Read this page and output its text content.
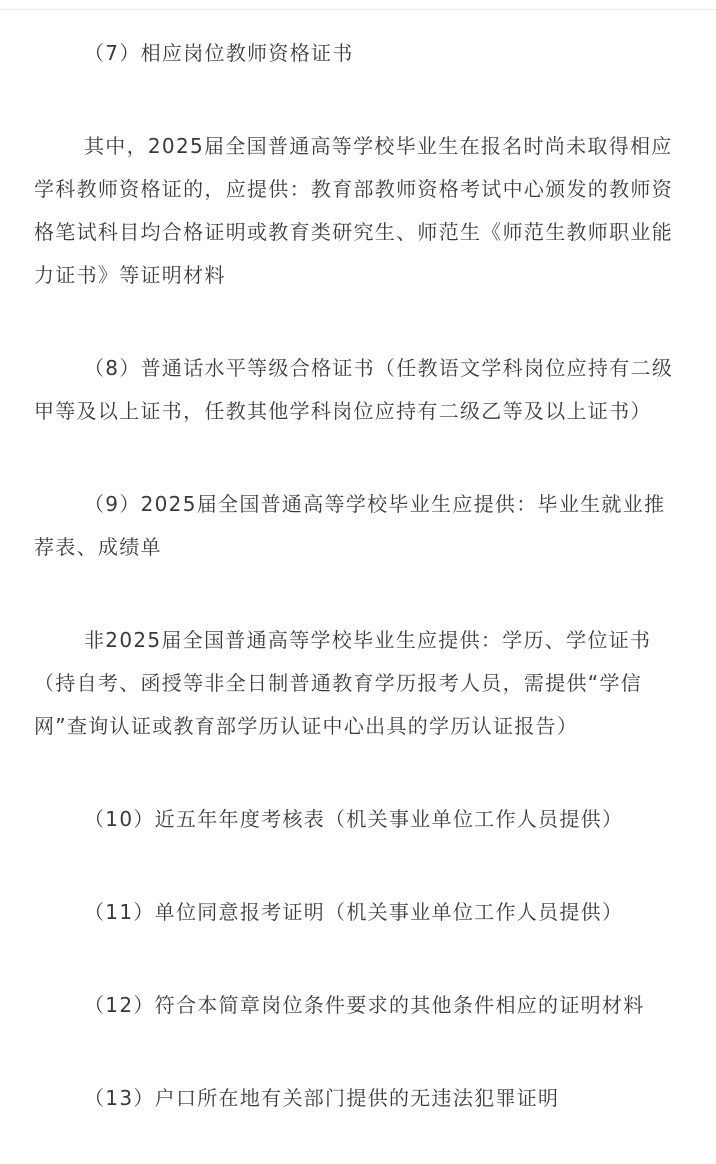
（7）相应岗位教师资格证书

其中，2025届全国普通高等学校毕业生在报名时尚未取得相应学科教师资格证的，应提供：教育部教师资格考试中心颁发的教师资格笔试科目均合格证明或教育类研究生、师范生《师范生教师职业能力证书》等证明材料

（8）普通话水平等级合格证书（任教语文学科岗位应持有二级甲等及以上证书，任教其他学科岗位应持有二级乙等及以上证书）

（9）2025届全国普通高等学校毕业生应提供：毕业生就业推荐表、成绩单

非2025届全国普通高等学校毕业生应提供：学历、学位证书（持自考、函授等非全日制普通教育学历报考人员，需提供“学信网”查询认证或教育部学历认证中心出具的学历认证报告）

（10）近五年年度考核表（机关事业单位工作人员提供）

（11）单位同意报考证明（机关事业单位工作人员提供）

（12）符合本简章岗位条件要求的其他条件相应的证明材料

（13）户口所在地有关部门提供的无违法犯罪证明
